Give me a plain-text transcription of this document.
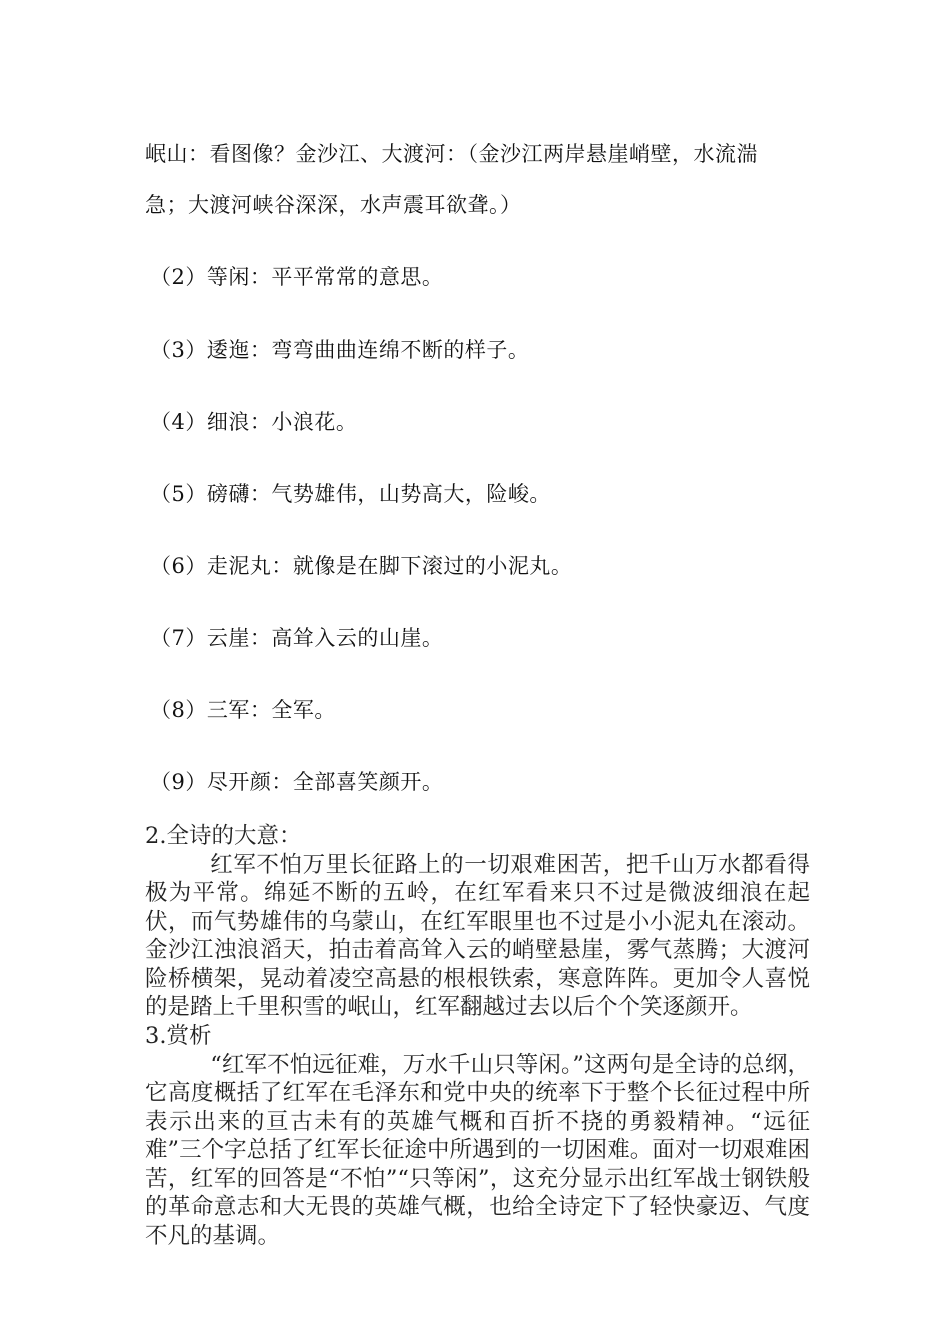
岷山：看图像？金沙江、大渡河：（金沙江两岸悬崖峭壁，水流湍
急；大渡河峡谷深深，水声震耳欲聋。）
（2）等闲：平平常常的意思。
（3）逶迤：弯弯曲曲连绵不断的样子。
（4）细浪：小浪花。
（5）磅礴：气势雄伟，山势高大，险峻。
（6）走泥丸：就像是在脚下滚过的小泥丸。
（7）云崖：高耸入云的山崖。
（8）三军：全军。
（9）尽开颜：全部喜笑颜开。
2.全诗的大意：

红军不怕万里长征路上的一切艰难困苦，把千山万水都看得极为平常。绵延不断的五岭，在红军看来只不过是微波细浪在起伏，而气势雄伟的乌蒙山，在红军眼里也不过是小小泥丸在滚动。金沙江浊浪滔天，拍击着高耸入云的峭壁悬崖，雾气蒸腾；大渡河险桥横架，晃动着凌空高悬的根根铁索，寒意阵阵。更加令人喜悦的是踏上千里积雪的岷山，红军翻越过去以后个个笑逐颜开。

3.赏析

“红军不怕远征难，万水千山只等闲。”这两句是全诗的总纲，它高度概括了红军在毛泽东和党中央的统率下于整个长征过程中所表示出来的亘古未有的英雄气概和百折不挠的勇毅精神。“远征难”三个字总括了红军长征途中所遇到的一切困难。面对一切艰难困苦，红军的回答是“不怕”“只等闲”，这充分显示出红军战士钢铁般的革命意志和大无畏的英雄气概，也给全诗定下了轻快豪迈、气度不凡的基调。
